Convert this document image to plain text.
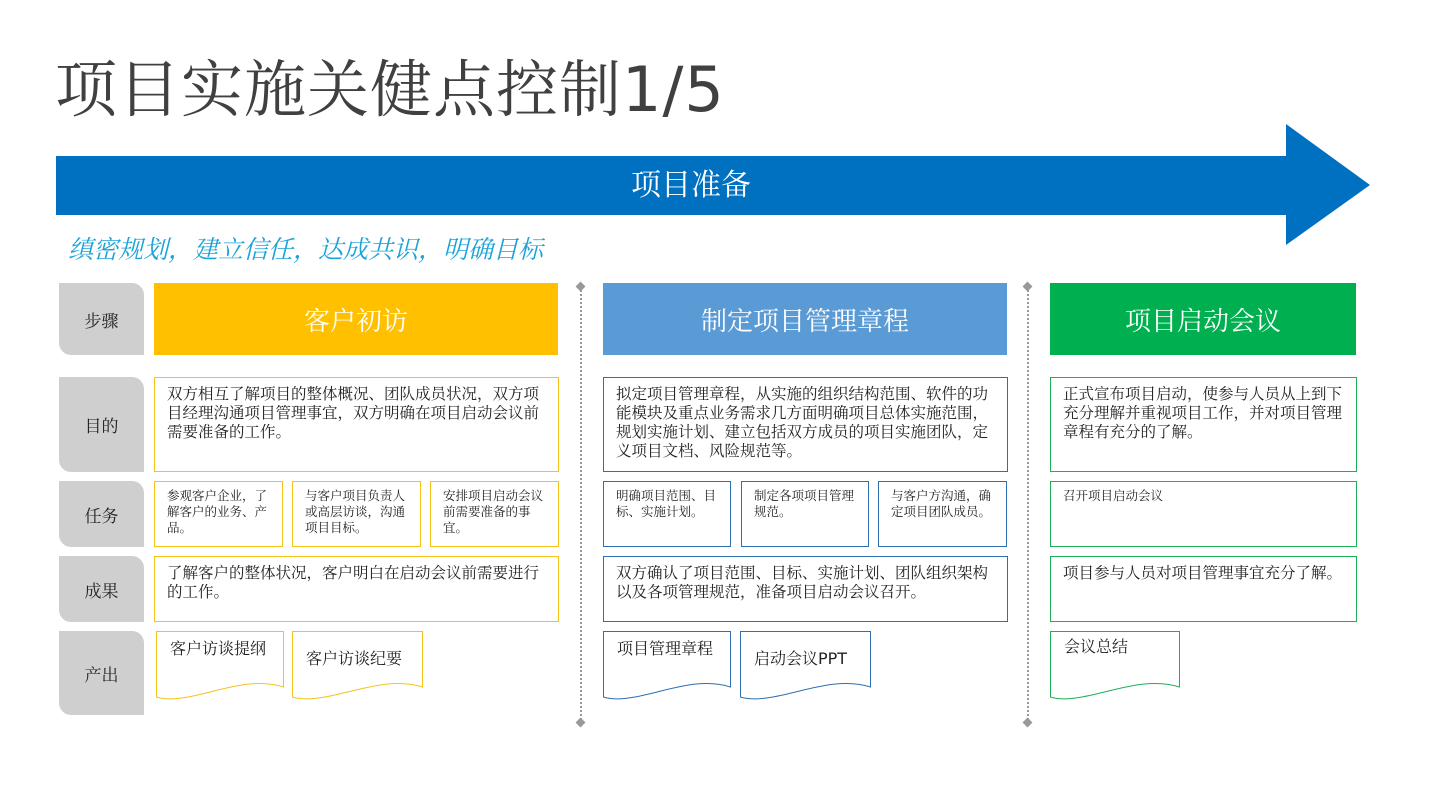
项目实施关健点控制1/5
项目准备
缜密规划，建立信任，达成共识，明确目标
步骤
目的
任务
成果
产出
客户初访
双方相互了解项目的整体概况、团队成员状况，双方项目经理沟通项目管理事宜，双方明确在项目启动会议前需要准备的工作。
参观客户企业，了解客户的业务、产品。
与客户项目负责人或高层访谈，沟通项目目标。
安排项目启动会议前需要准备的事宜。
了解客户的整体状况，客户明白在启动会议前需要进行的工作。
客户访谈提纲
客户访谈纪要
制定项目管理章程
拟定项目管理章程，从实施的组织结构范围、软件的功能模块及重点业务需求几方面明确项目总体实施范围，规划实施计划、建立包括双方成员的项目实施团队，定义项目文档、风险规范等。
明确项目范围、目标、实施计划。
制定各项项目管理规范。
与客户方沟通，确定项目团队成员。
双方确认了项目范围、目标、实施计划、团队组织架构以及各项管理规范，准备项目启动会议召开。
项目管理章程
启动会议PPT
项目启动会议
正式宣布项目启动，使参与人员从上到下充分理解并重视项目工作，并对项目管理章程有充分的了解。
召开项目启动会议
项目参与人员对项目管理事宜充分了解。
会议总结
